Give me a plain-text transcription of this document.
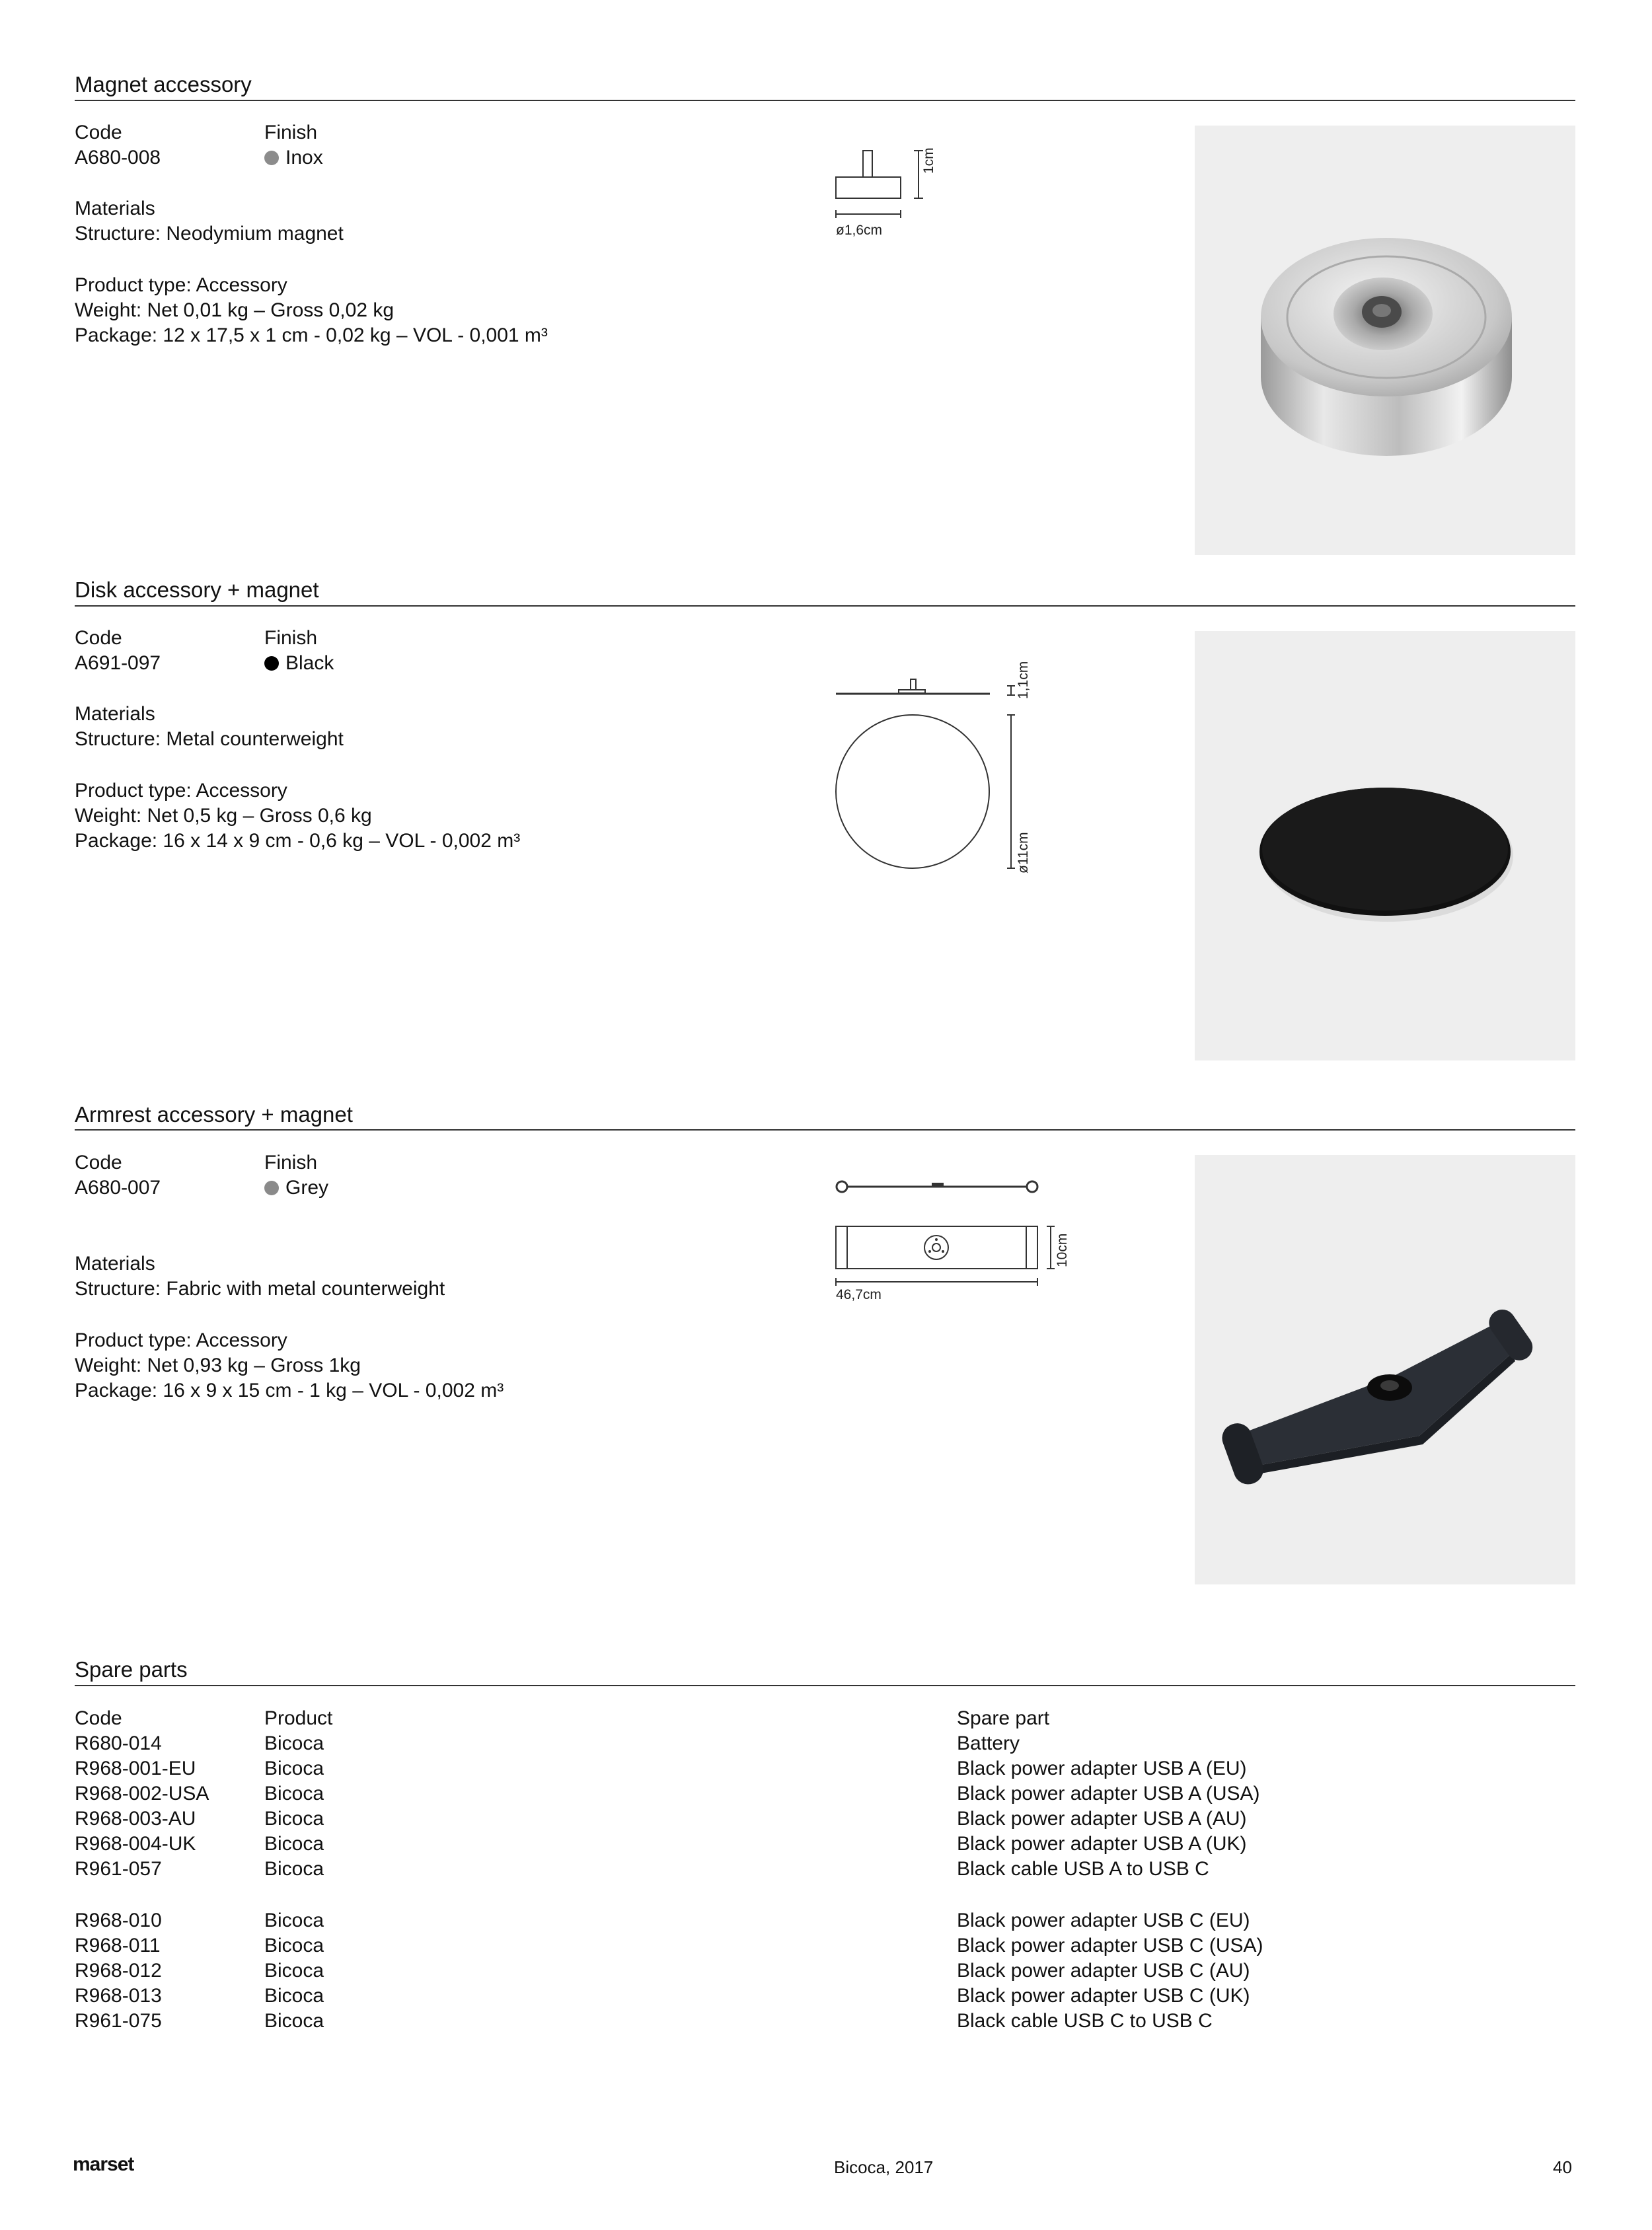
Magnet accessory
Code	Finish
A680-008	Inox
Materials
Structure: Neodymium magnet
Product type: Accessory
Weight: Net 0,01 kg – Gross 0,02 kg
Package: 12 x 17,5 x 1 cm - 0,02 kg – VOL - 0,001 m³
1cm
ø1,6cm
Disk accessory + magnet
Code	Finish
A691-097	Black
Materials
Structure: Metal counterweight
Product type: Accessory
Weight: Net 0,5 kg – Gross 0,6 kg
Package: 16 x 14 x 9 cm - 0,6 kg – VOL - 0,002 m³
1,1cm
ø11cm
Armrest accessory + magnet
Code	Finish
A680-007	Grey
Materials
Structure: Fabric with metal counterweight
Product type: Accessory
Weight: Net 0,93 kg – Gross 1kg
Package: 16 x 9 x 15 cm - 1 kg – VOL - 0,002 m³
10cm
46,7cm
Spare parts
Code	Product	Spare part
R680-014	Bicoca	Battery
R968-001-EU	Bicoca	Black power adapter USB A (EU)
R968-002-USA	Bicoca	Black power adapter USB A (USA)
R968-003-AU	Bicoca	Black power adapter USB A (AU)
R968-004-UK	Bicoca	Black power adapter USB A (UK)
R961-057	Bicoca	Black cable USB A to USB C
R968-010	Bicoca	Black power adapter USB C (EU)
R968-011	Bicoca	Black power adapter USB C (USA)
R968-012	Bicoca	Black power adapter USB C (AU)
R968-013	Bicoca	Black power adapter USB C (UK)
R961-075	Bicoca	Black cable USB C to USB C
marset	Bicoca, 2017	40
